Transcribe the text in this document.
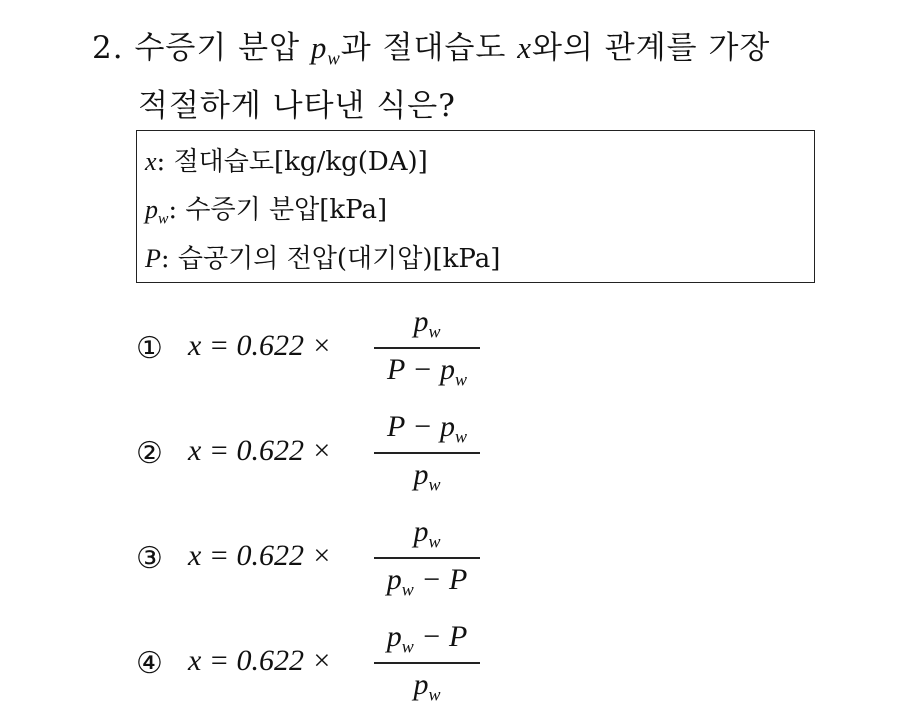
2. 수증기 분압 $p_w$과 절대습도 x와의 관계를 가장
적절하게 나타낸 식은?
x: 절대습도[kg/kg(DA)]
$p_w$: 수증기 분압[kPa]
P: 습공기의 전압(대기압)[kPa]
① x = 0.622 ×
$p_w$
$P - p_w$
② x = 0.622 ×
$P - p_w$
$p_w$
③ x = 0.622 ×
$p_w$
$p_w - P$
④ x = 0.622 ×
$p_w - P$
$p_w$
